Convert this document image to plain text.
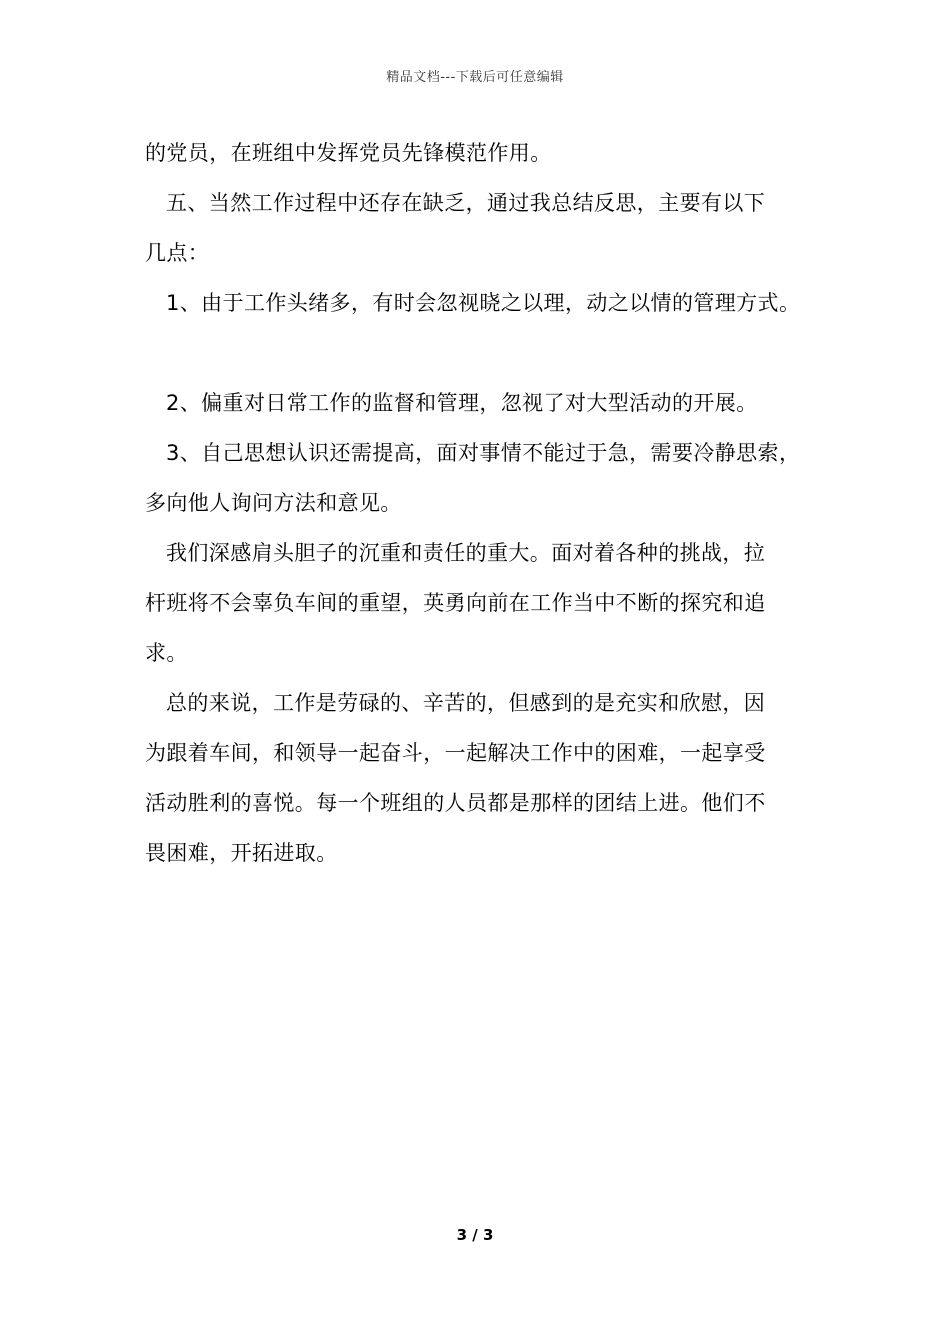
精品文档---下载后可任意编辑
的党员，在班组中发挥党员先锋模范作用。
五、当然工作过程中还存在缺乏，通过我总结反思，主要有以下
几点：
1、由于工作头绪多，有时会忽视晓之以理，动之以情的管理方式。
2、偏重对日常工作的监督和管理，忽视了对大型活动的开展。
3、自己思想认识还需提高，面对事情不能过于急，需要冷静思索，
多向他人询问方法和意见。
我们深感肩头胆子的沉重和责任的重大。面对着各种的挑战，拉
杆班将不会辜负车间的重望，英勇向前在工作当中不断的探究和追
求。
总的来说，工作是劳碌的、辛苦的，但感到的是充实和欣慰，因
为跟着车间，和领导一起奋斗，一起解决工作中的困难，一起享受
活动胜利的喜悦。每一个班组的人员都是那样的团结上进。他们不
畏困难，开拓进取。
3 / 3
